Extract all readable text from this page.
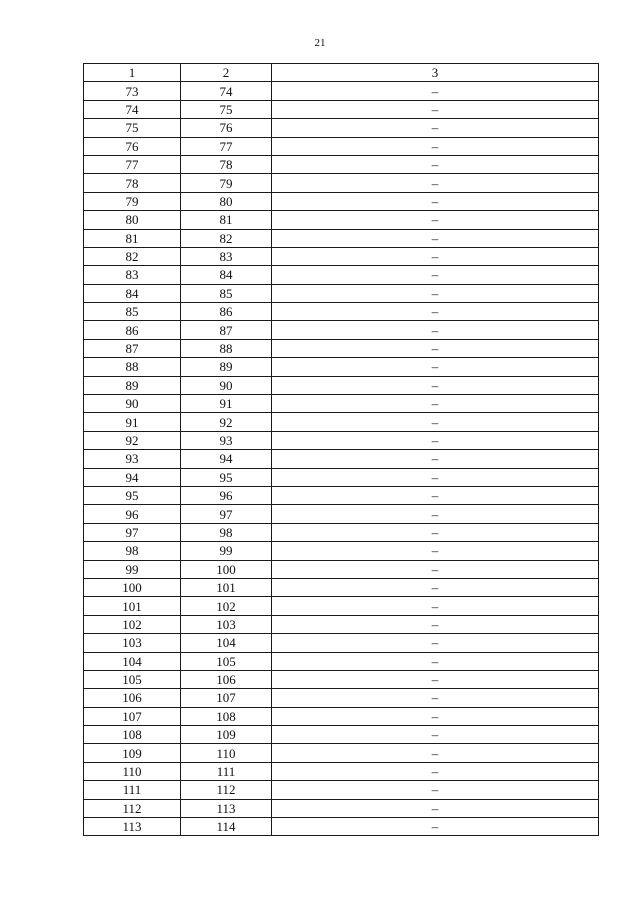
21
1	2	3
73	74	–
74	75	–
75	76	–
76	77	–
77	78	–
78	79	–
79	80	–
80	81	–
81	82	–
82	83	–
83	84	–
84	85	–
85	86	–
86	87	–
87	88	–
88	89	–
89	90	–
90	91	–
91	92	–
92	93	–
93	94	–
94	95	–
95	96	–
96	97	–
97	98	–
98	99	–
99	100	–
100	101	–
101	102	–
102	103	–
103	104	–
104	105	–
105	106	–
106	107	–
107	108	–
108	109	–
109	110	–
110	111	–
111	112	–
112	113	–
113	114	–
